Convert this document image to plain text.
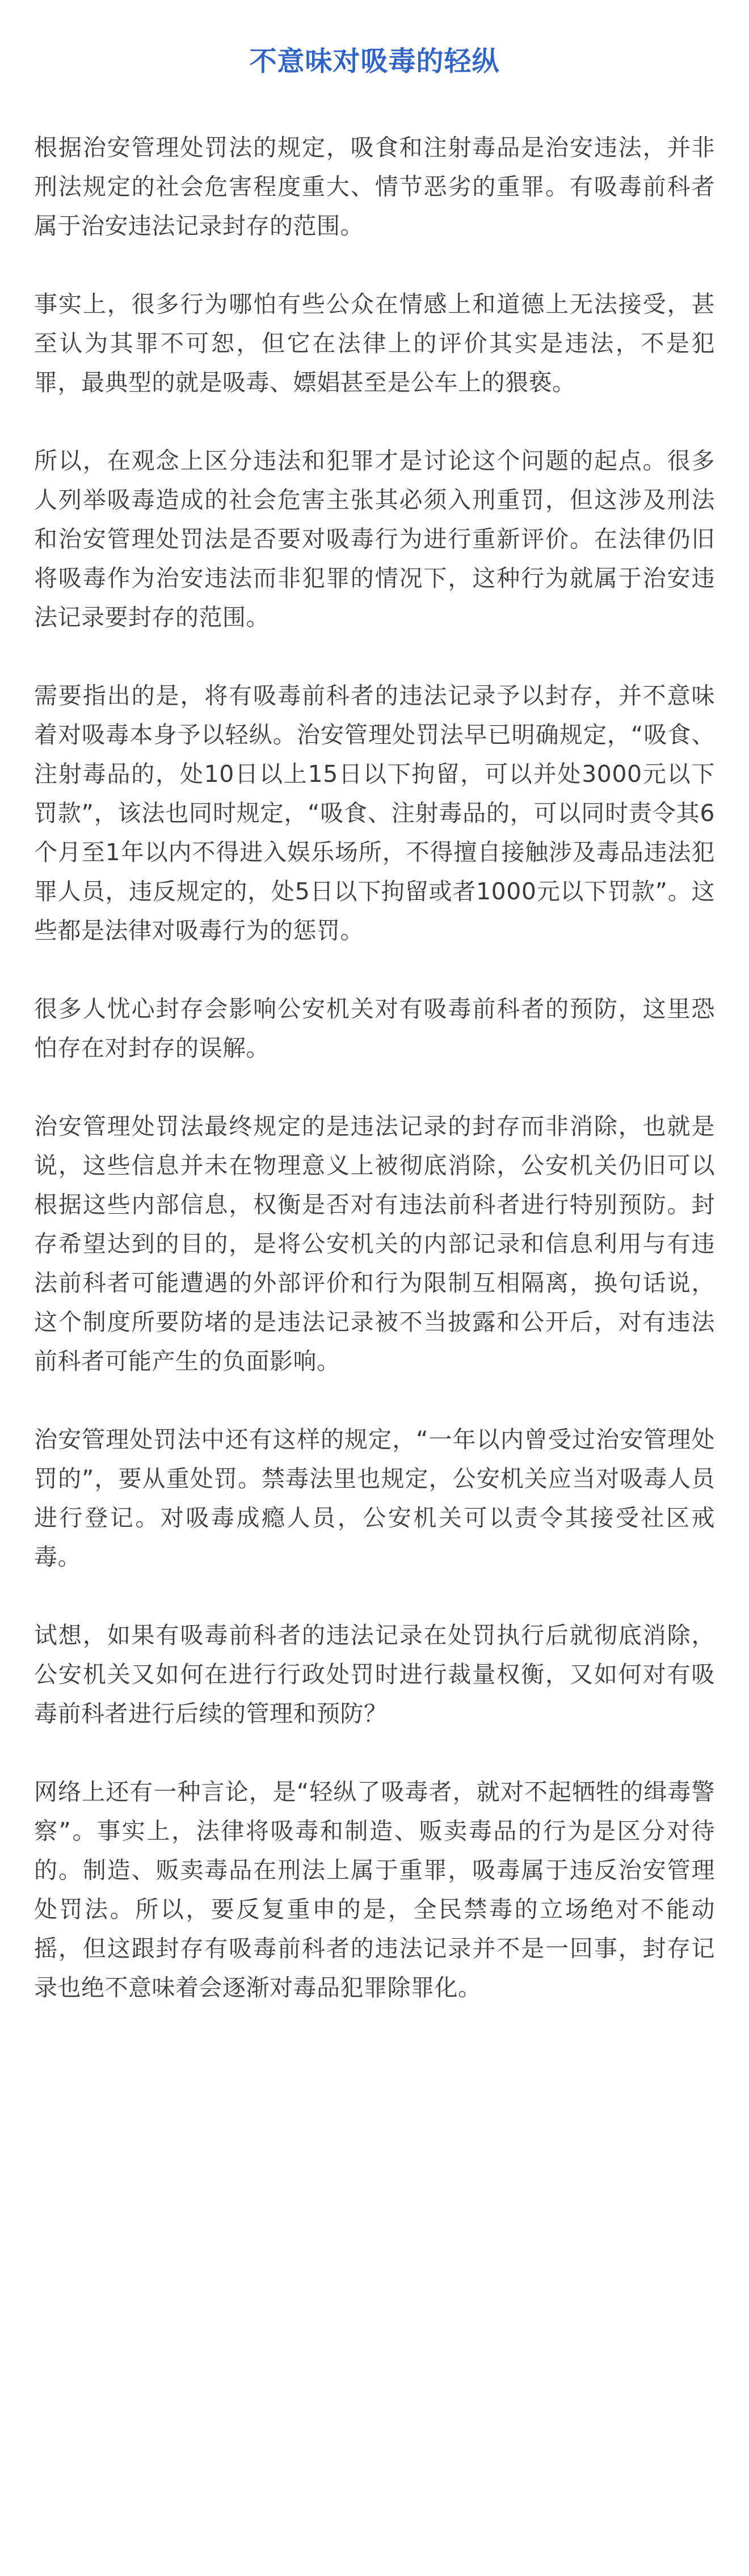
不意味对吸毒的轻纵

根据治安管理处罚法的规定，吸食和注射毒品是治安违法，并非刑法规定的社会危害程度重大、情节恶劣的重罪。有吸毒前科者属于治安违法记录封存的范围。

事实上，很多行为哪怕有些公众在情感上和道德上无法接受，甚至认为其罪不可恕，但它在法律上的评价其实是违法，不是犯罪，最典型的就是吸毒、嫖娼甚至是公车上的猥亵。

所以，在观念上区分违法和犯罪才是讨论这个问题的起点。很多人列举吸毒造成的社会危害主张其必须入刑重罚，但这涉及刑法和治安管理处罚法是否要对吸毒行为进行重新评价。在法律仍旧将吸毒作为治安违法而非犯罪的情况下，这种行为就属于治安违法记录要封存的范围。

需要指出的是，将有吸毒前科者的违法记录予以封存，并不意味着对吸毒本身予以轻纵。治安管理处罚法早已明确规定，“吸食、注射毒品的，处10日以上15日以下拘留，可以并处3000元以下罚款”，该法也同时规定，“吸食、注射毒品的，可以同时责令其6个月至1年以内不得进入娱乐场所，不得擅自接触涉及毒品违法犯罪人员，违反规定的，处5日以下拘留或者1000元以下罚款”。这些都是法律对吸毒行为的惩罚。

很多人忧心封存会影响公安机关对有吸毒前科者的预防，这里恐怕存在对封存的误解。

治安管理处罚法最终规定的是违法记录的封存而非消除，也就是说，这些信息并未在物理意义上被彻底消除，公安机关仍旧可以根据这些内部信息，权衡是否对有违法前科者进行特别预防。封存希望达到的目的，是将公安机关的内部记录和信息利用与有违法前科者可能遭遇的外部评价和行为限制互相隔离，换句话说，这个制度所要防堵的是违法记录被不当披露和公开后，对有违法前科者可能产生的负面影响。

治安管理处罚法中还有这样的规定，“一年以内曾受过治安管理处罚的”，要从重处罚。禁毒法里也规定，公安机关应当对吸毒人员进行登记。对吸毒成瘾人员，公安机关可以责令其接受社区戒毒。

试想，如果有吸毒前科者的违法记录在处罚执行后就彻底消除，公安机关又如何在进行行政处罚时进行裁量权衡，又如何对有吸毒前科者进行后续的管理和预防？

网络上还有一种言论，是“轻纵了吸毒者，就对不起牺牲的缉毒警察”。事实上，法律将吸毒和制造、贩卖毒品的行为是区分对待的。制造、贩卖毒品在刑法上属于重罪，吸毒属于违反治安管理处罚法。所以，要反复重申的是，全民禁毒的立场绝对不能动摇，但这跟封存有吸毒前科者的违法记录并不是一回事，封存记录也绝不意味着会逐渐对毒品犯罪除罪化。
